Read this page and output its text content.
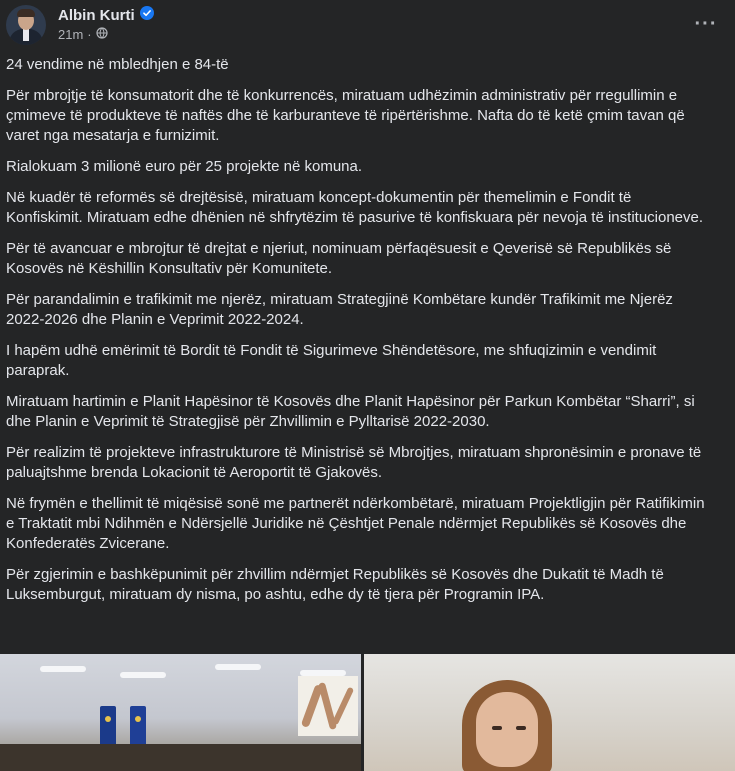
Albin Kurti
21m ·	···

24 vendime në mbledhjen e 84-të

Për mbrojtje të konsumatorit dhe të konkurrencës, miratuam udhëzimin administrativ për rregullimin e çmimeve të produkteve të naftës dhe të karburanteve të ripërtërishme. Nafta do të ketë çmim tavan që varet nga mesatarja e furnizimit.

Rialokuam 3 milionë euro për 25 projekte në komuna.

Në kuadër të reformës së drejtësisë, miratuam koncept-dokumentin për themelimin e Fondit të Konfiskimit. Miratuam edhe dhënien në shfrytëzim të pasurive të konfiskuara për nevoja të institucioneve.

Për të avancuar e mbrojtur të drejtat e njeriut, nominuam përfaqësuesit e Qeverisë së Republikës së Kosovës në Këshillin Konsultativ për Komunitete.

Për parandalimin e trafikimit me njerëz, miratuam Strategjinë Kombëtare kundër Trafikimit me Njerëz 2022-2026 dhe Planin e Veprimit 2022-2024.

I hapëm udhë emërimit të Bordit të Fondit të Sigurimeve Shëndetësore, me shfuqizimin e vendimit paraprak.

Miratuam hartimin e Planit Hapësinor të Kosovës dhe Planit Hapësinor për Parkun Kombëtar “Sharri”, si dhe Planin e Veprimit të Strategjisë për Zhvillimin e Pylltarisë 2022-2030.

Për realizim të projekteve infrastrukturore të Ministrisë së Mbrojtjes, miratuam shpronësimin e pronave të paluajtshme brenda Lokacionit të Aeroportit të Gjakovës.

Në frymën e thellimit të miqësisë sonë me partnerët ndërkombëtarë, miratuam Projektligjin për Ratifikimin e Traktatit mbi Ndihmën e Ndërsjellë Juridike në Çështjet Penale ndërmjet Republikës së Kosovës dhe Konfederatës Zvicerane.

Për zgjerimin e bashkëpunimit për zhvillim ndërmjet Republikës së Kosovës dhe Dukatit të Madh të Luksemburgut, miratuam dy nisma, po ashtu, edhe dy të tjera për Programin IPA.
